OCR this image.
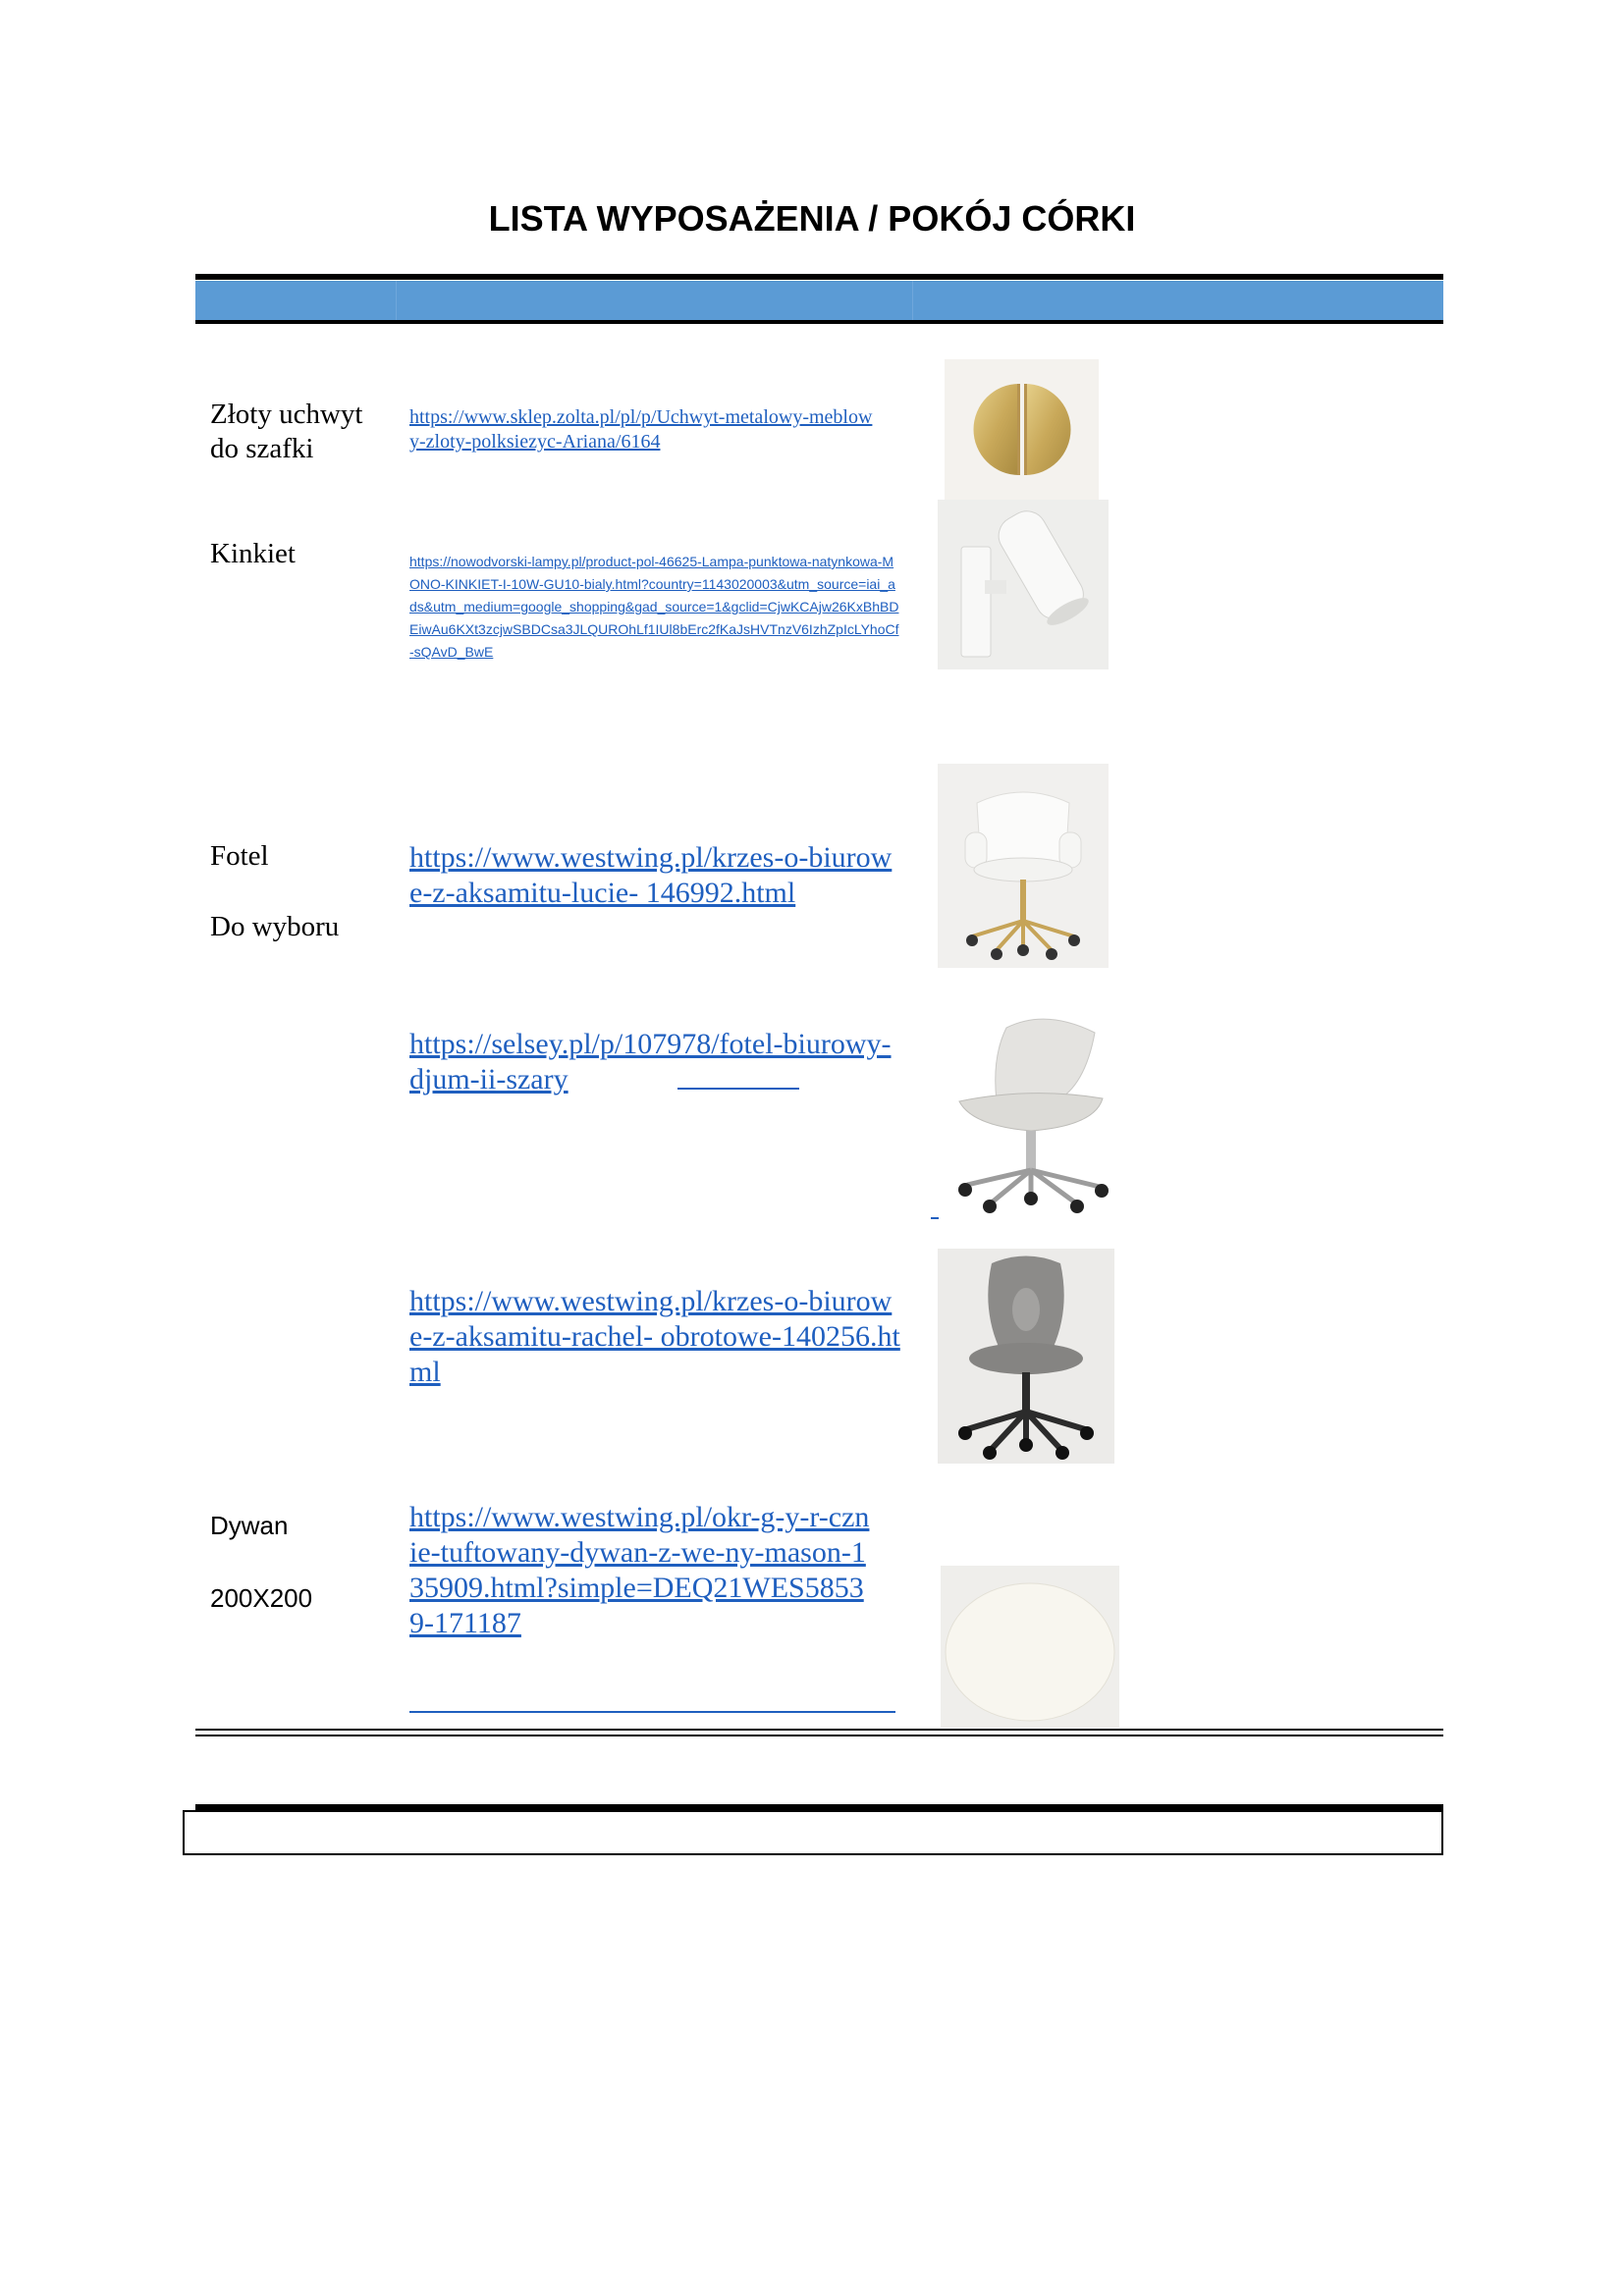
LISTA WYPOSAŻENIA / POKÓJ CÓRKI
Złoty uchwyt
do szafki
https://www.sklep.zolta.pl/pl/p/Uchwyt-metalowy-meblowy-zloty-polksiezyc-Ariana/6164
Kinkiet	https://nowodvorski-lampy.pl/product-pol-46625-Lampa-punktowa-natynkowa-MONO-KINKIET-I-10W-GU10-bialy.html?country=1143020003&utm_source=iai_ads&utm_medium=google_shopping&gad_source=1&gclid=CjwKCAjw26KxBhBDEiwAu6KXt3zcjwSBDCsa3JLQUROhLf1IUl8bErc2fKaJsHVTnzV6IzhZpIcLYhoCf-sQAvD_BwE
Fotel
Do wyboru
https://www.westwing.pl/krzes-o-biurowe-z-aksamitu-lucie- 146992.html
https://selsey.pl/p/107978/fotel-biurowy-djum-ii-szary
https://www.westwing.pl/krzes-o-biurowe-z-aksamitu-rachel- obrotowe-140256.html
Dywan
200X200
https://www.westwing.pl/okr-g-y-r-cznie-tuftowany-dywan-z-we-ny-mason-135909.html?simple=DEQ21WES58539-171187
